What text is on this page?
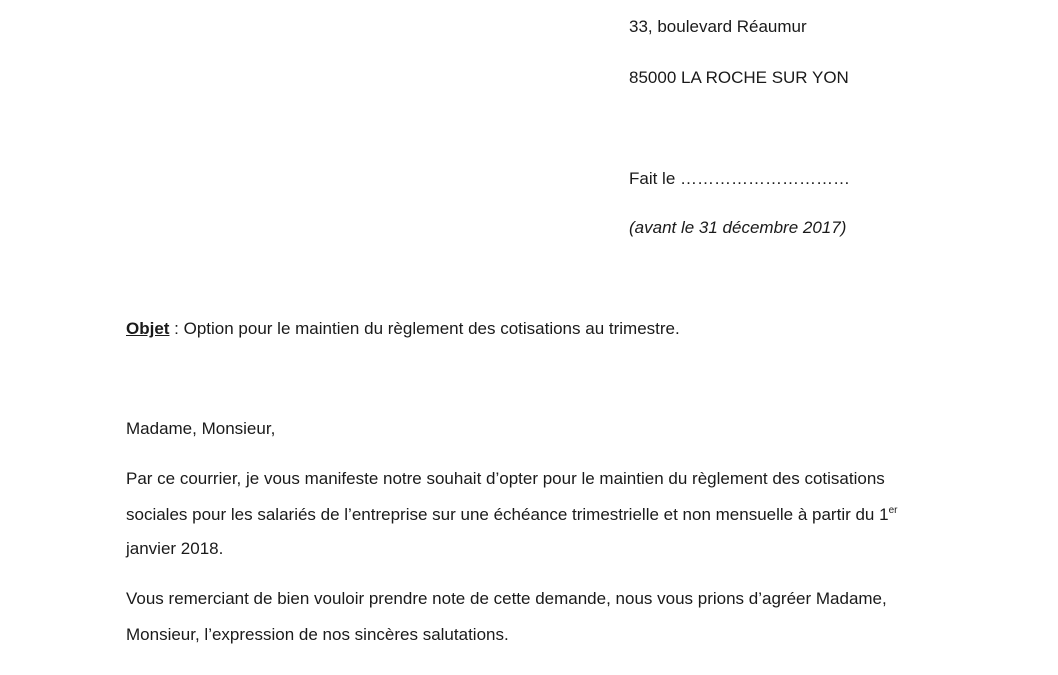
33, boulevard Réaumur
85000 LA ROCHE SUR YON
Fait le …………………………
(avant le 31 décembre 2017)
Objet : Option pour le maintien du règlement des cotisations au trimestre.
Madame, Monsieur,
Par ce courrier, je vous manifeste notre souhait d’opter pour le maintien du règlement des cotisations
sociales pour les salariés de l’entreprise sur une échéance trimestrielle et non mensuelle à partir du 1er
janvier 2018.
Vous remerciant de bien vouloir prendre note de cette demande, nous vous prions d’agréer Madame,
Monsieur, l’expression de nos sincères salutations.
